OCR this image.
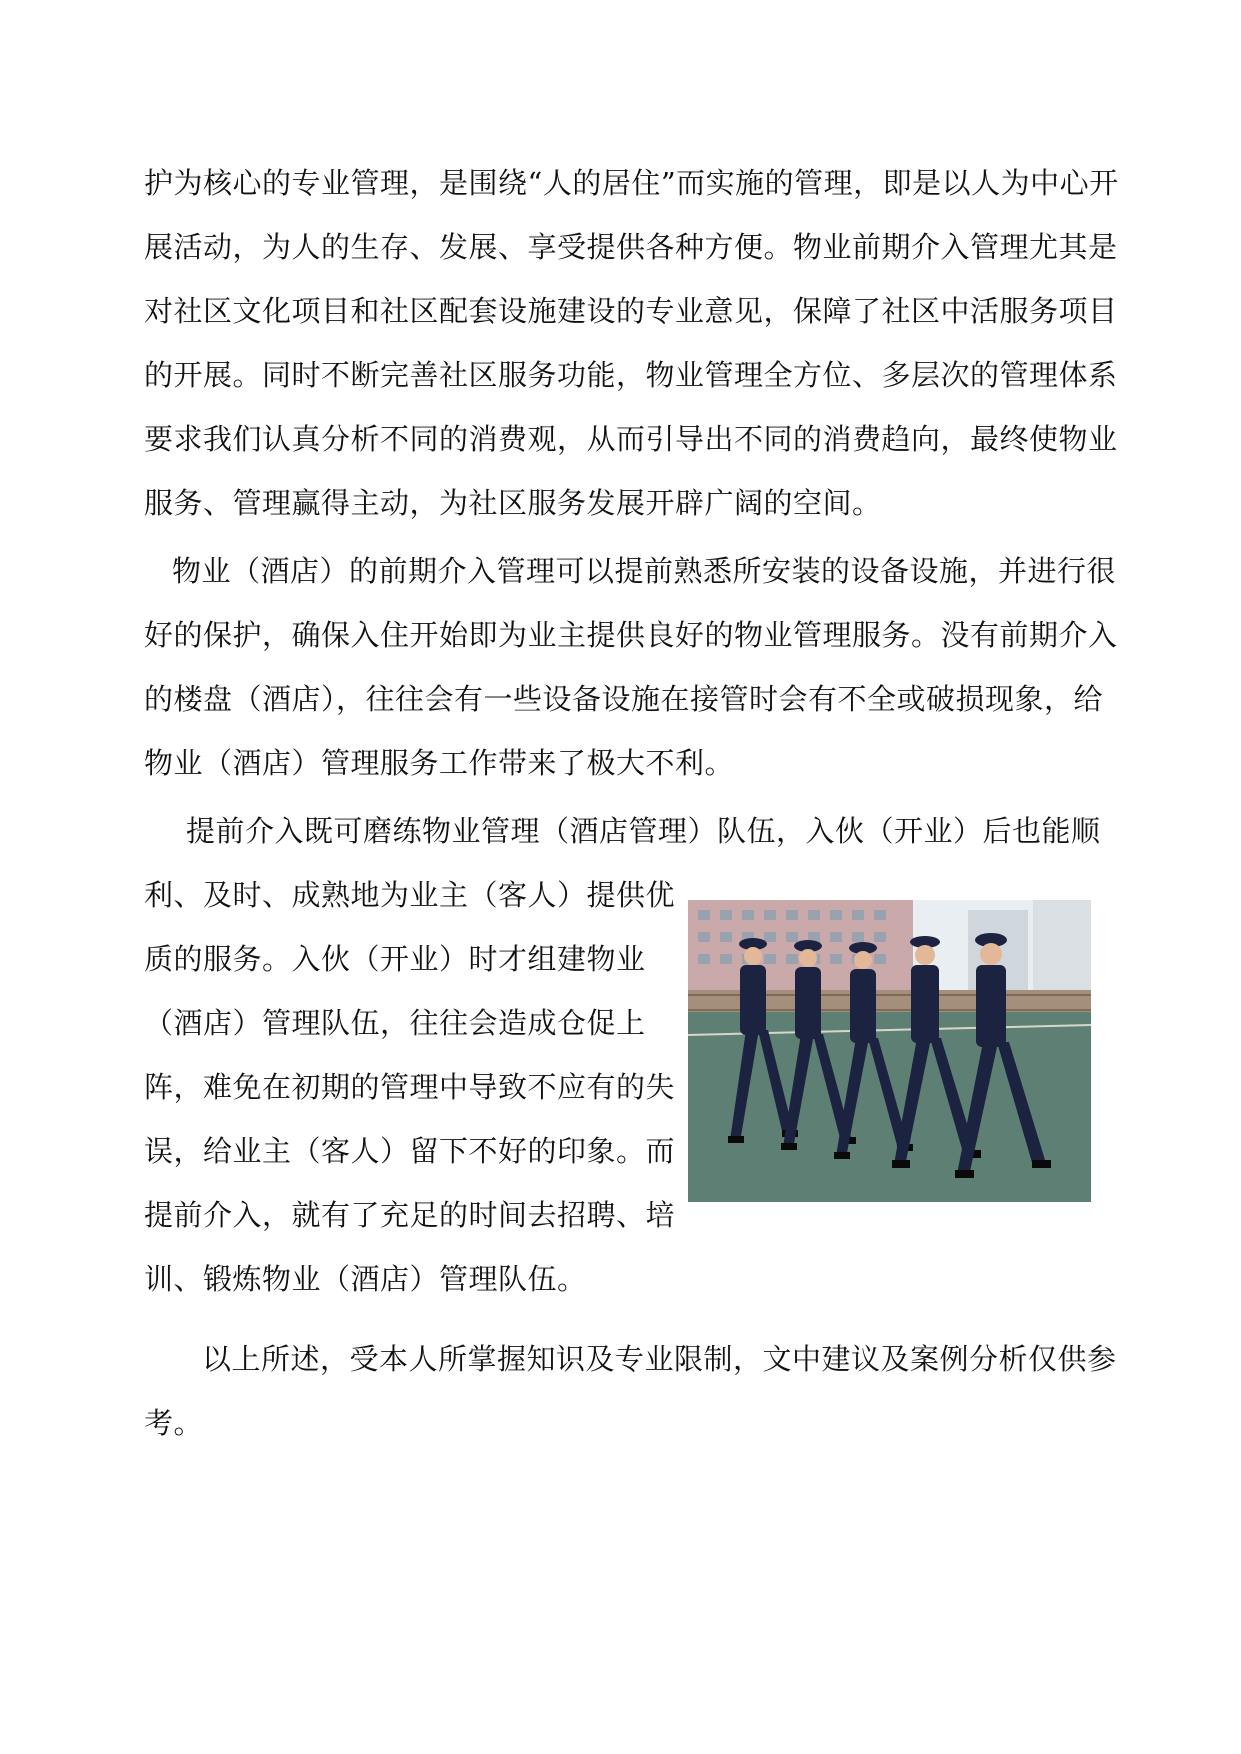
护为核心的专业管理，是围绕“人的居住”而实施的管理，即是以人为中心开
展活动，为人的生存、发展、享受提供各种方便。物业前期介入管理尤其是
对社区文化项目和社区配套设施建设的专业意见，保障了社区中活服务项目
的开展。同时不断完善社区服务功能，物业管理全方位、多层次的管理体系
要求我们认真分析不同的消费观，从而引导出不同的消费趋向，最终使物业
服务、管理赢得主动，为社区服务发展开辟广阔的空间。
物业（酒店）的前期介入管理可以提前熟悉所安装的设备设施，并进行很
好的保护，确保入住开始即为业主提供良好的物业管理服务。没有前期介入
的楼盘（酒店），往往会有一些设备设施在接管时会有不全或破损现象，给
物业（酒店）管理服务工作带来了极大不利。
提前介入既可磨练物业管理（酒店管理）队伍，入伙（开业）后也能顺
利、及时、成熟地为业主（客人）提供优
质的服务。入伙（开业）时才组建物业
（酒店）管理队伍，往往会造成仓促上
阵，难免在初期的管理中导致不应有的失
误，给业主（客人）留下不好的印象。而
提前介入，就有了充足的时间去招聘、培
训、锻炼物业（酒店）管理队伍。
以上所述，受本人所掌握知识及专业限制，文中建议及案例分析仅供参
考。
